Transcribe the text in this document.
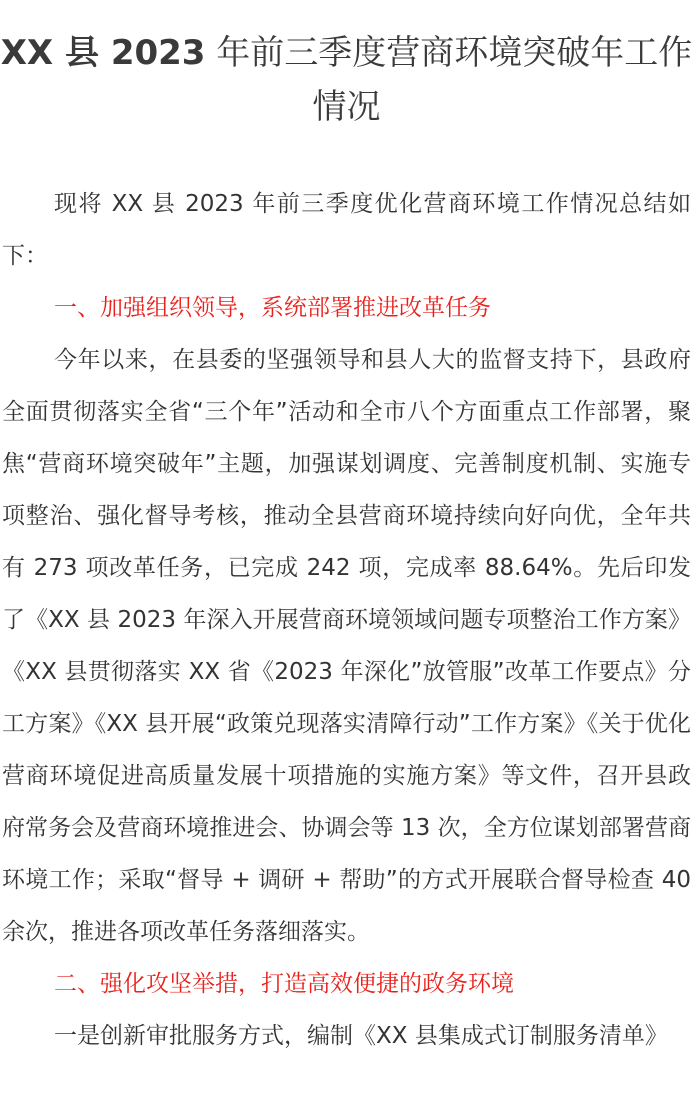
XX 县 2023 年前三季度营商环境突破年工作情况

现将 XX 县 2023 年前三季度优化营商环境工作情况总结如下：

一、加强组织领导，系统部署推进改革任务

今年以来，在县委的坚强领导和县人大的监督支持下，县政府全面贯彻落实全省“三个年”活动和全市八个方面重点工作部署，聚焦“营商环境突破年”主题，加强谋划调度、完善制度机制、实施专项整治、强化督导考核，推动全县营商环境持续向好向优，全年共有 273 项改革任务，已完成 242 项，完成率 88.64%。先后印发了《XX 县 2023 年深入开展营商环境领域问题专项整治工作方案》《XX 县贯彻落实 XX 省《2023 年深化”放管服”改革工作要点》分工方案》《XX 县开展“政策兑现落实清障行动”工作方案》《关于优化营商环境促进高质量发展十项措施的实施方案》等文件，召开县政府常务会及营商环境推进会、协调会等 13 次，全方位谋划部署营商环境工作；采取“督导 + 调研 + 帮助”的方式开展联合督导检查 40 余次，推进各项改革任务落细落实。

二、强化攻坚举措，打造高效便捷的政务环境

一是创新审批服务方式，编制《XX 县集成式订制服务清单》
